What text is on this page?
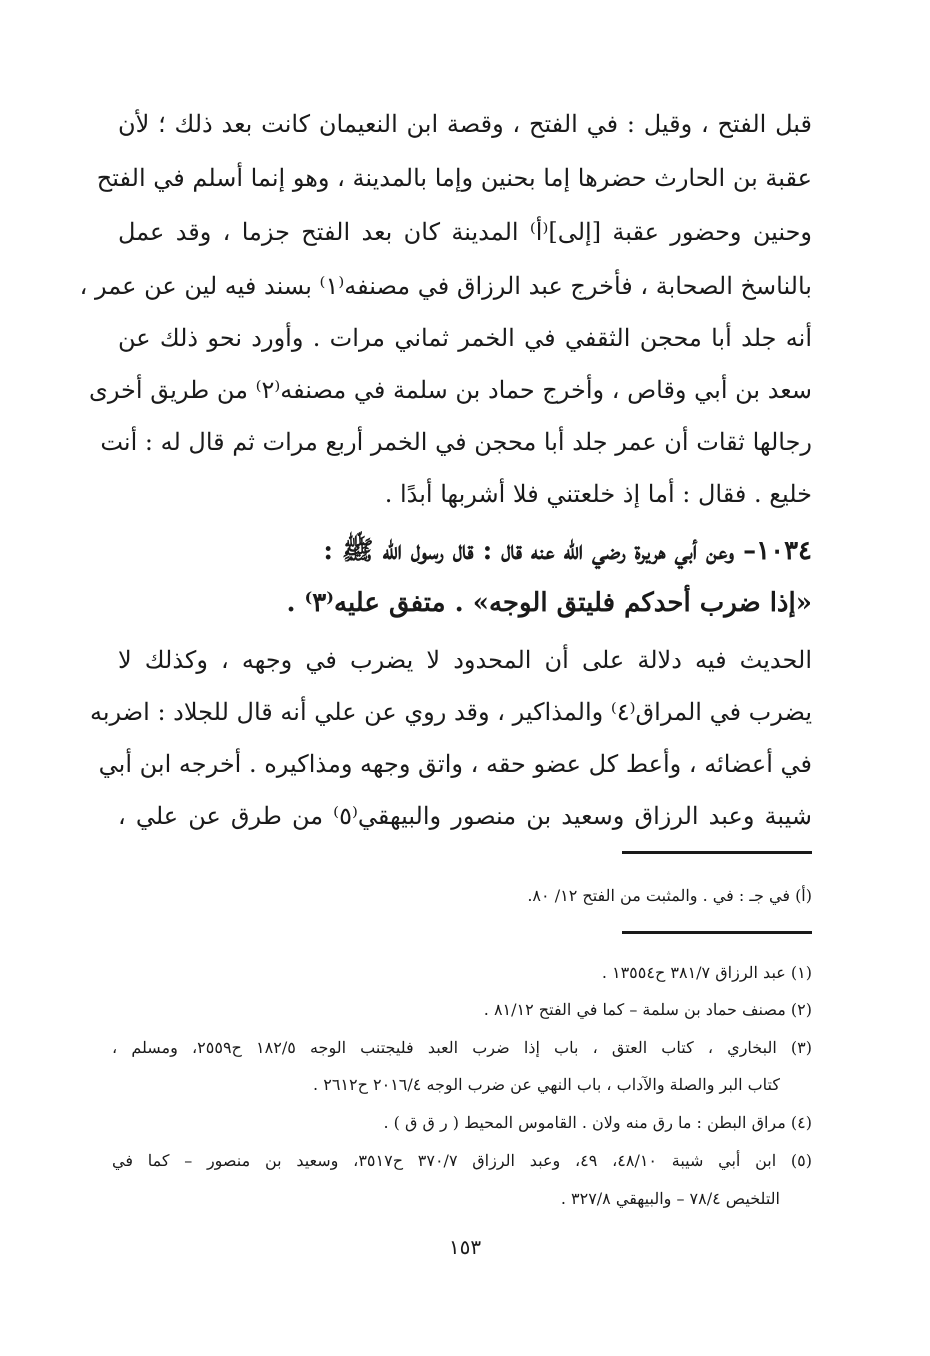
قبل الفتح ، وقيل : في الفتح ، وقصة ابن النعيمان كانت بعد ذلك ؛ لأن
عقبة بن الحارث حضرها إما بحنين وإما بالمدينة ، وهو إنما أسلم في الفتح
وحنين وحضور عقبة [إلى]⁽أ⁾ المدينة كان بعد الفتح جزما ، وقد عمل
بالناسخ الصحابة ، فأخرج عبد الرزاق في مصنفه⁽١⁾ بسند فيه لين عن عمر ،
أنه جلد أبا محجن الثقفي في الخمر ثماني مرات . وأورد نحو ذلك عن
سعد بن أبي وقاص ، وأخرج حماد بن سلمة في مصنفه⁽٢⁾ من طريق أخرى
رجالها ثقات أن عمر جلد أبا محجن في الخمر أربع مرات ثم قال له : أنت
خليع . فقال : أما إذ خلعتني فلا أشربها أبدًا .
١٠٣٤– وعن أبي هريرة رضي الله عنه قال : قال رسول الله ﷺ :
«إذا ضرب أحدكم فليتق الوجه» . متفق عليه⁽٣⁾ .
الحديث فيه دلالة على أن المحدود لا يضرب في وجهه ، وكذلك لا
يضرب في المراق⁽٤⁾ والمذاكير ، وقد روي عن علي أنه قال للجلاد : اضربه
في أعضائه ، وأعط كل عضو حقه ، واتق وجهه ومذاكيره . أخرجه ابن أبي
شيبة وعبد الرزاق وسعيد بن منصور والبيهقي⁽٥⁾ من طرق عن علي ،
(أ) في جـ : في . والمثبت من الفتح ١٢/ ٨٠.
(١) عبد الرزاق ٣٨١/٧ ح١٣٥٥٤ .
(٢) مصنف حماد بن سلمة – كما في الفتح ٨١/١٢ .
(٣) البخاري ، كتاب العتق ، باب إذا ضرب العبد فليجتنب الوجه ١٨٢/٥ ح٢٥٥٩، ومسلم ،
كتاب البر والصلة والآداب ، باب النهي عن ضرب الوجه ٢٠١٦/٤ ح٢٦١٢ .
(٤) مراق البطن : ما رق منه ولان . القاموس المحيط ( ر ق ق ) .
(٥) ابن أبي شيبة ٤٨/١٠، ٤٩، وعبد الرزاق ٣٧٠/٧ ح٣٥١٧، وسعيد بن منصور – كما في
التلخيص ٧٨/٤ – والبيهقي ٣٢٧/٨ .
١٥٣
